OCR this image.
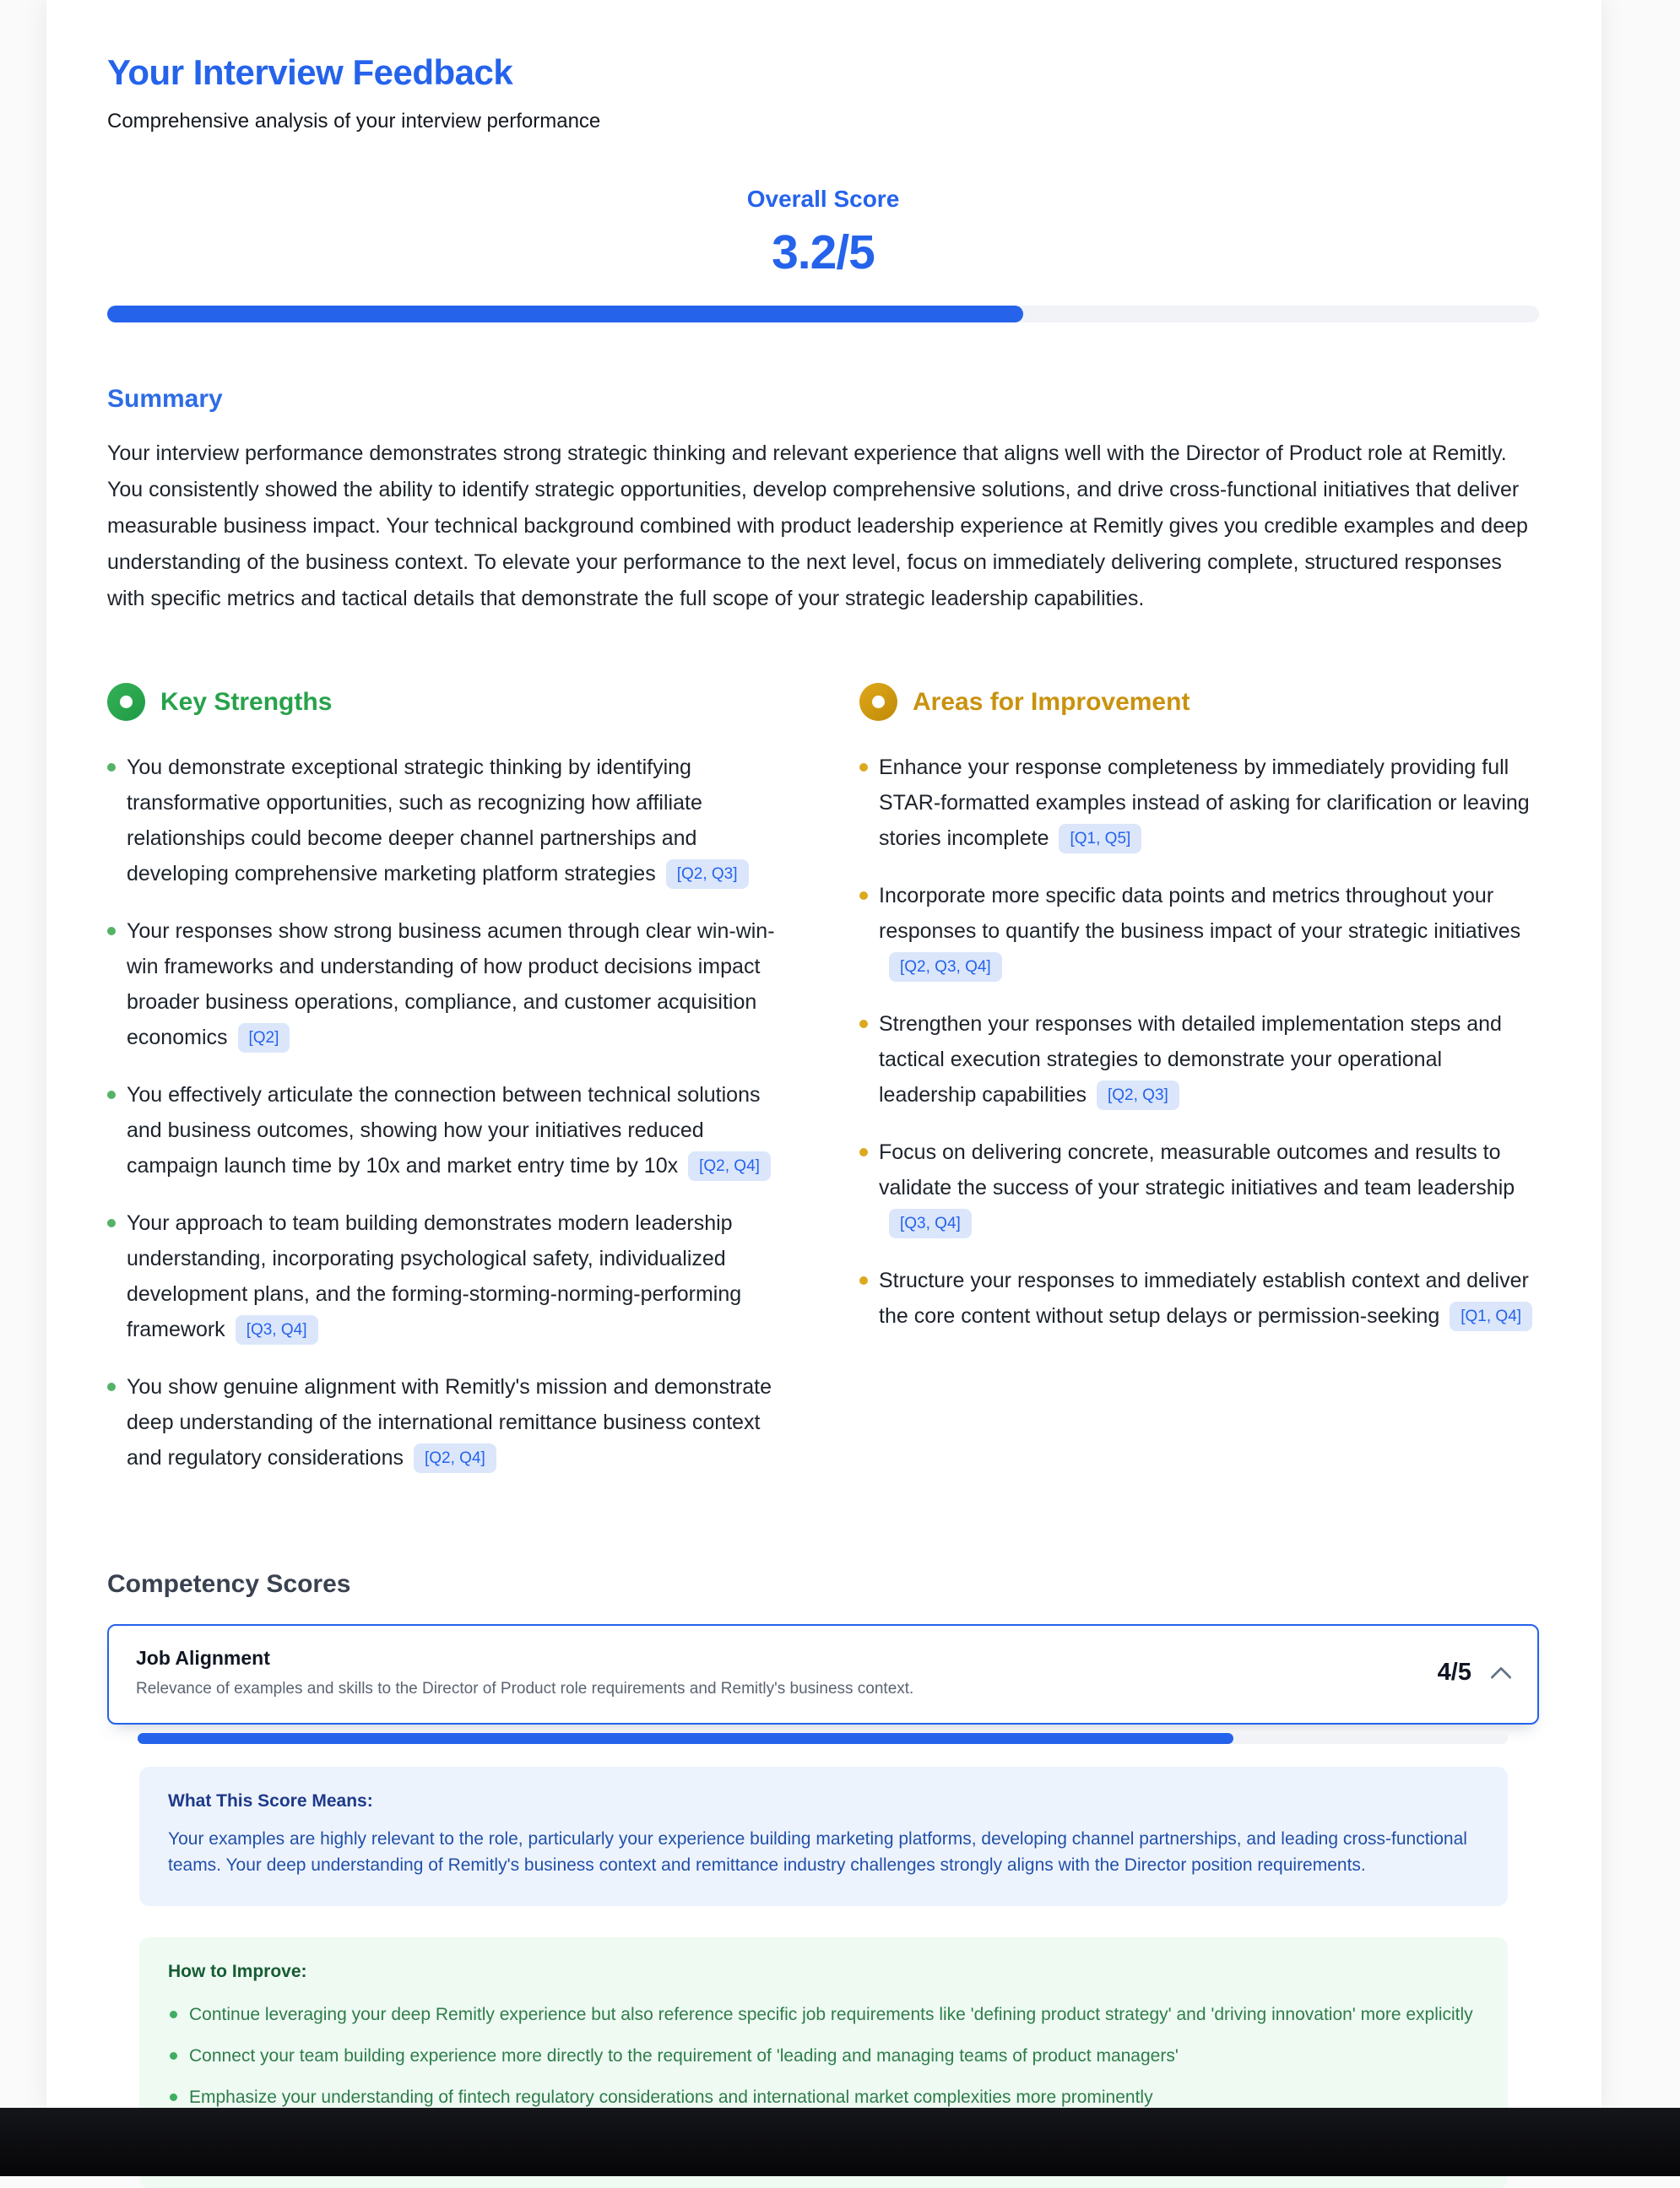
Your Interview Feedback
Comprehensive analysis of your interview performance
Overall Score
3.2/5
Summary
Your interview performance demonstrates strong strategic thinking and relevant experience that aligns well with the Director of Product role at Remitly. You consistently showed the ability to identify strategic opportunities, develop comprehensive solutions, and drive cross-functional initiatives that deliver measurable business impact. Your technical background combined with product leadership experience at Remitly gives you credible examples and deep understanding of the business context. To elevate your performance to the next level, focus on immediately delivering complete, structured responses with specific metrics and tactical details that demonstrate the full scope of your strategic leadership capabilities.
Key Strengths
You demonstrate exceptional strategic thinking by identifying transformative opportunities, such as recognizing how affiliate relationships could become deeper channel partnerships and developing comprehensive marketing platform strategies [Q2, Q3]
Your responses show strong business acumen through clear win-win-win frameworks and understanding of how product decisions impact broader business operations, compliance, and customer acquisition economics [Q2]
You effectively articulate the connection between technical solutions and business outcomes, showing how your initiatives reduced campaign launch time by 10x and market entry time by 10x [Q2, Q4]
Your approach to team building demonstrates modern leadership understanding, incorporating psychological safety, individualized development plans, and the forming-storming-norming-performing framework [Q3, Q4]
You show genuine alignment with Remitly's mission and demonstrate deep understanding of the international remittance business context and regulatory considerations [Q2, Q4]
Areas for Improvement
Enhance your response completeness by immediately providing full STAR-formatted examples instead of asking for clarification or leaving stories incomplete [Q1, Q5]
Incorporate more specific data points and metrics throughout your responses to quantify the business impact of your strategic initiatives[Q2, Q3, Q4]
Strengthen your responses with detailed implementation steps and tactical execution strategies to demonstrate your operational leadership capabilities [Q2, Q3]
Focus on delivering concrete, measurable outcomes and results to validate the success of your strategic initiatives and team leadership[Q3, Q4]
Structure your responses to immediately establish context and deliver the core content without setup delays or permission-seeking [Q1, Q4]
Competency Scores
Job Alignment
Relevance of examples and skills to the Director of Product role requirements and Remitly's business context.
4/5
What This Score Means:
Your examples are highly relevant to the role, particularly your experience building marketing platforms, developing channel partnerships, and leading cross-functional teams. Your deep understanding of Remitly's business context and remittance industry challenges strongly aligns with the Director position requirements.
How to Improve:
Continue leveraging your deep Remitly experience but also reference specific job requirements like 'defining product strategy' and 'driving innovation' more explicitly
Connect your team building experience more directly to the requirement of 'leading and managing teams of product managers'
Emphasize your understanding of fintech regulatory considerations and international market complexities more prominently
